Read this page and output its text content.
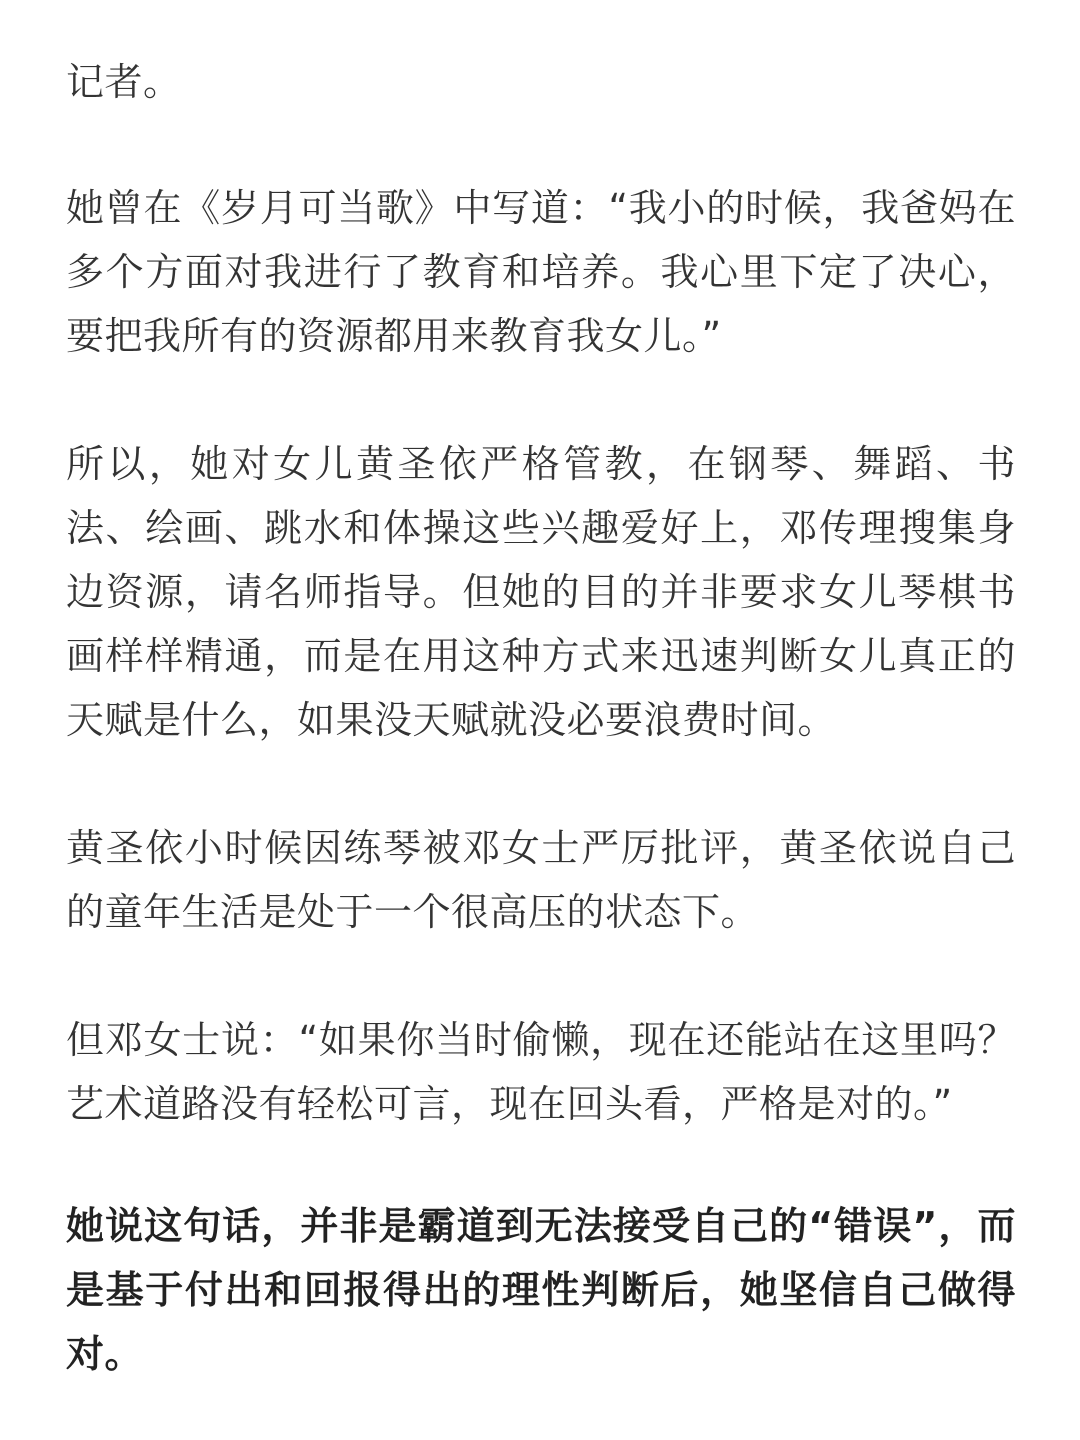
记者。

她曾在《岁月可当歌》中写道：“我小的时候，我爸妈在多个方面对我进行了教育和培养。我心里下定了决心，要把我所有的资源都用来教育我女儿。”

所以，她对女儿黄圣依严格管教，在钢琴、舞蹈、书法、绘画、跳水和体操这些兴趣爱好上，邓传理搜集身边资源，请名师指导。但她的目的并非要求女儿琴棋书画样样精通，而是在用这种方式来迅速判断女儿真正的天赋是什么，如果没天赋就没必要浪费时间。

黄圣依小时候因练琴被邓女士严厉批评，黄圣依说自己的童年生活是处于一个很高压的状态下。

但邓女士说：“如果你当时偷懒，现在还能站在这里吗？艺术道路没有轻松可言，现在回头看，严格是对的。”

她说这句话，并非是霸道到无法接受自己的“错误”，而是基于付出和回报得出的理性判断后，她坚信自己做得对。
